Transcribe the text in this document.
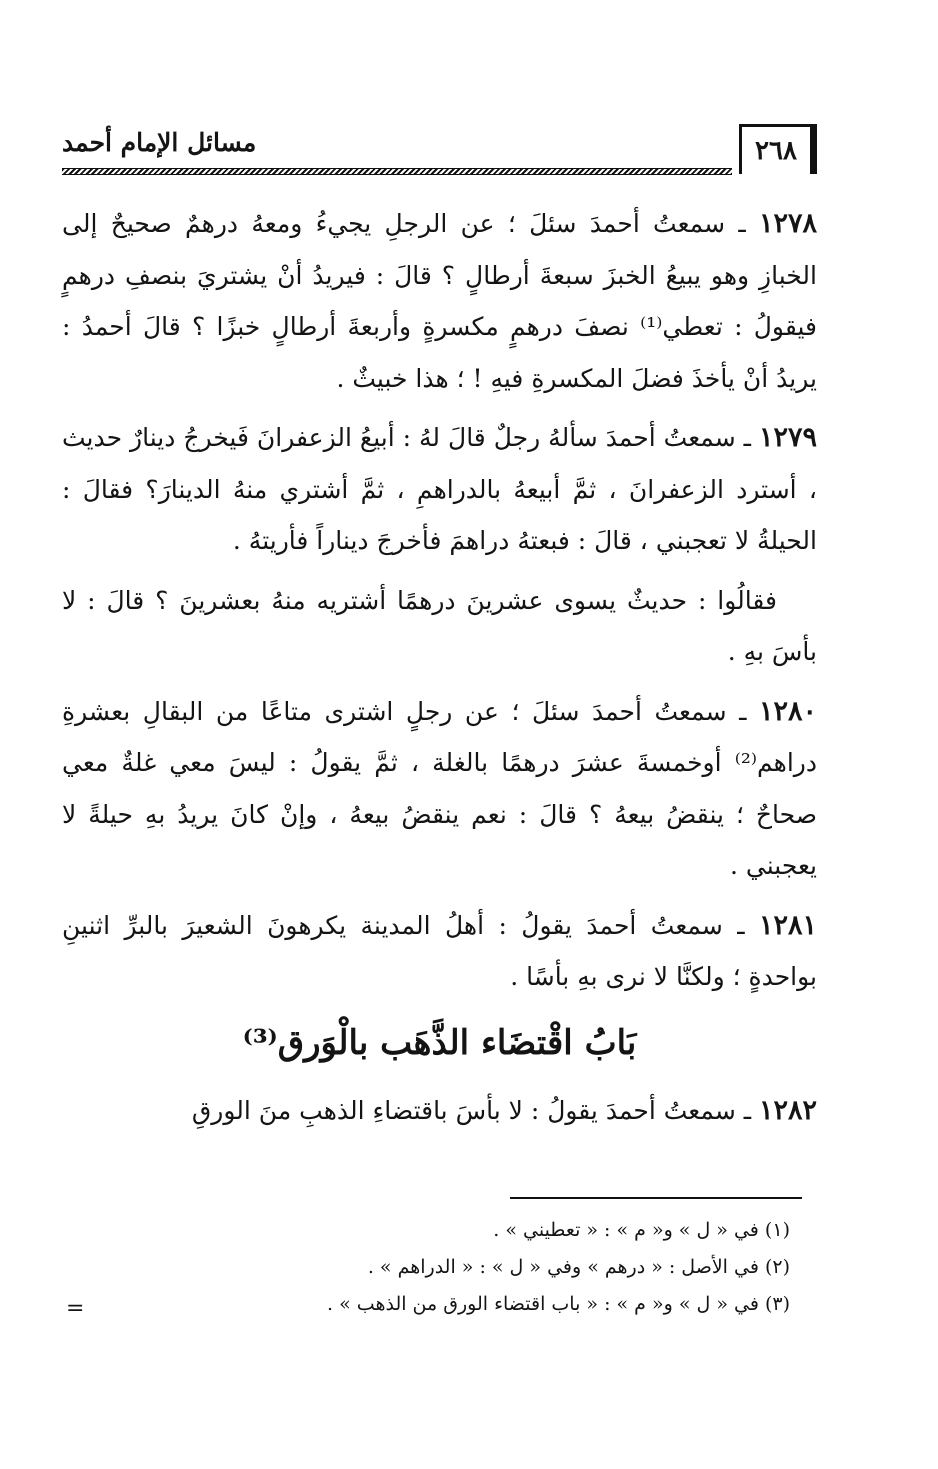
٢٦٨
مسائل الإمام أحمد

١٢٧٨ ـ سمعتُ أحمدَ سئلَ ؛ عن الرجلِ يجيءُ ومعهُ درهمٌ صحيحٌ إلى الخبازِ وهو يبيعُ الخبزَ سبعةَ أرطالٍ ؟ قالَ : فيريدُ أنْ يشتريَ بنصفِ درهمٍ فيقولُ : تعطي⁽¹⁾ نصفَ درهمٍ مكسرةٍ وأربعةَ أرطالٍ خبزًا ؟ قالَ أحمدُ : يريدُ أنْ يأخذَ فضلَ المكسرةِ فيهِ ! ؛ هذا خبيثٌ .

١٢٧٩ ـ سمعتُ أحمدَ سألهُ رجلٌ قالَ لهُ : أبيعُ الزعفرانَ فَيخرجُ دينارٌ حديث ، أسترد الزعفرانَ ، ثمَّ أبيعهُ بالدراهمِ ، ثمَّ أشتري منهُ الدينارَ؟ فقالَ : الحيلةُ لا تعجبني ، قالَ : فبعتهُ دراهمَ فأخرجَ ديناراً فأريتهُ .

فقالُوا : حديثٌ يسوى عشرينَ درهمًا أشتريه منهُ بعشرينَ ؟ قالَ : لا بأسَ بهِ .

١٢٨٠ ـ سمعتُ أحمدَ سئلَ ؛ عن رجلٍ اشترى متاعًا من البقالِ بعشرةِ دراهم⁽²⁾ أوخمسةَ عشرَ درهمًا بالغلة ، ثمَّ يقولُ : ليسَ معي غلةٌ معي صحاحٌ ؛ ينقضُ بيعهُ ؟ قالَ : نعم ينقضُ بيعهُ ، وإنْ كانَ يريدُ بهِ حيلةً لا يعجبني .

١٢٨١ ـ سمعتُ أحمدَ يقولُ : أهلُ المدينة يكرهونَ الشعيرَ بالبرِّ اثنينِ بواحدةٍ ؛ ولكنَّا لا نرى بهِ بأسًا .

بَابُ اقْتضَاء الذَّهَب بالْوَرق⁽³⁾

١٢٨٢ ـ سمعتُ أحمدَ يقولُ : لا بأسَ باقتضاءِ الذهبِ منَ الورقِ

(١) في « ل » و« م » : « تعطيني » .
(٢) في الأصل : « درهم » وفي « ل » : « الدراهم » .
(٣) في « ل » و« م » : « باب اقتضاء الورق من الذهب » .
=
